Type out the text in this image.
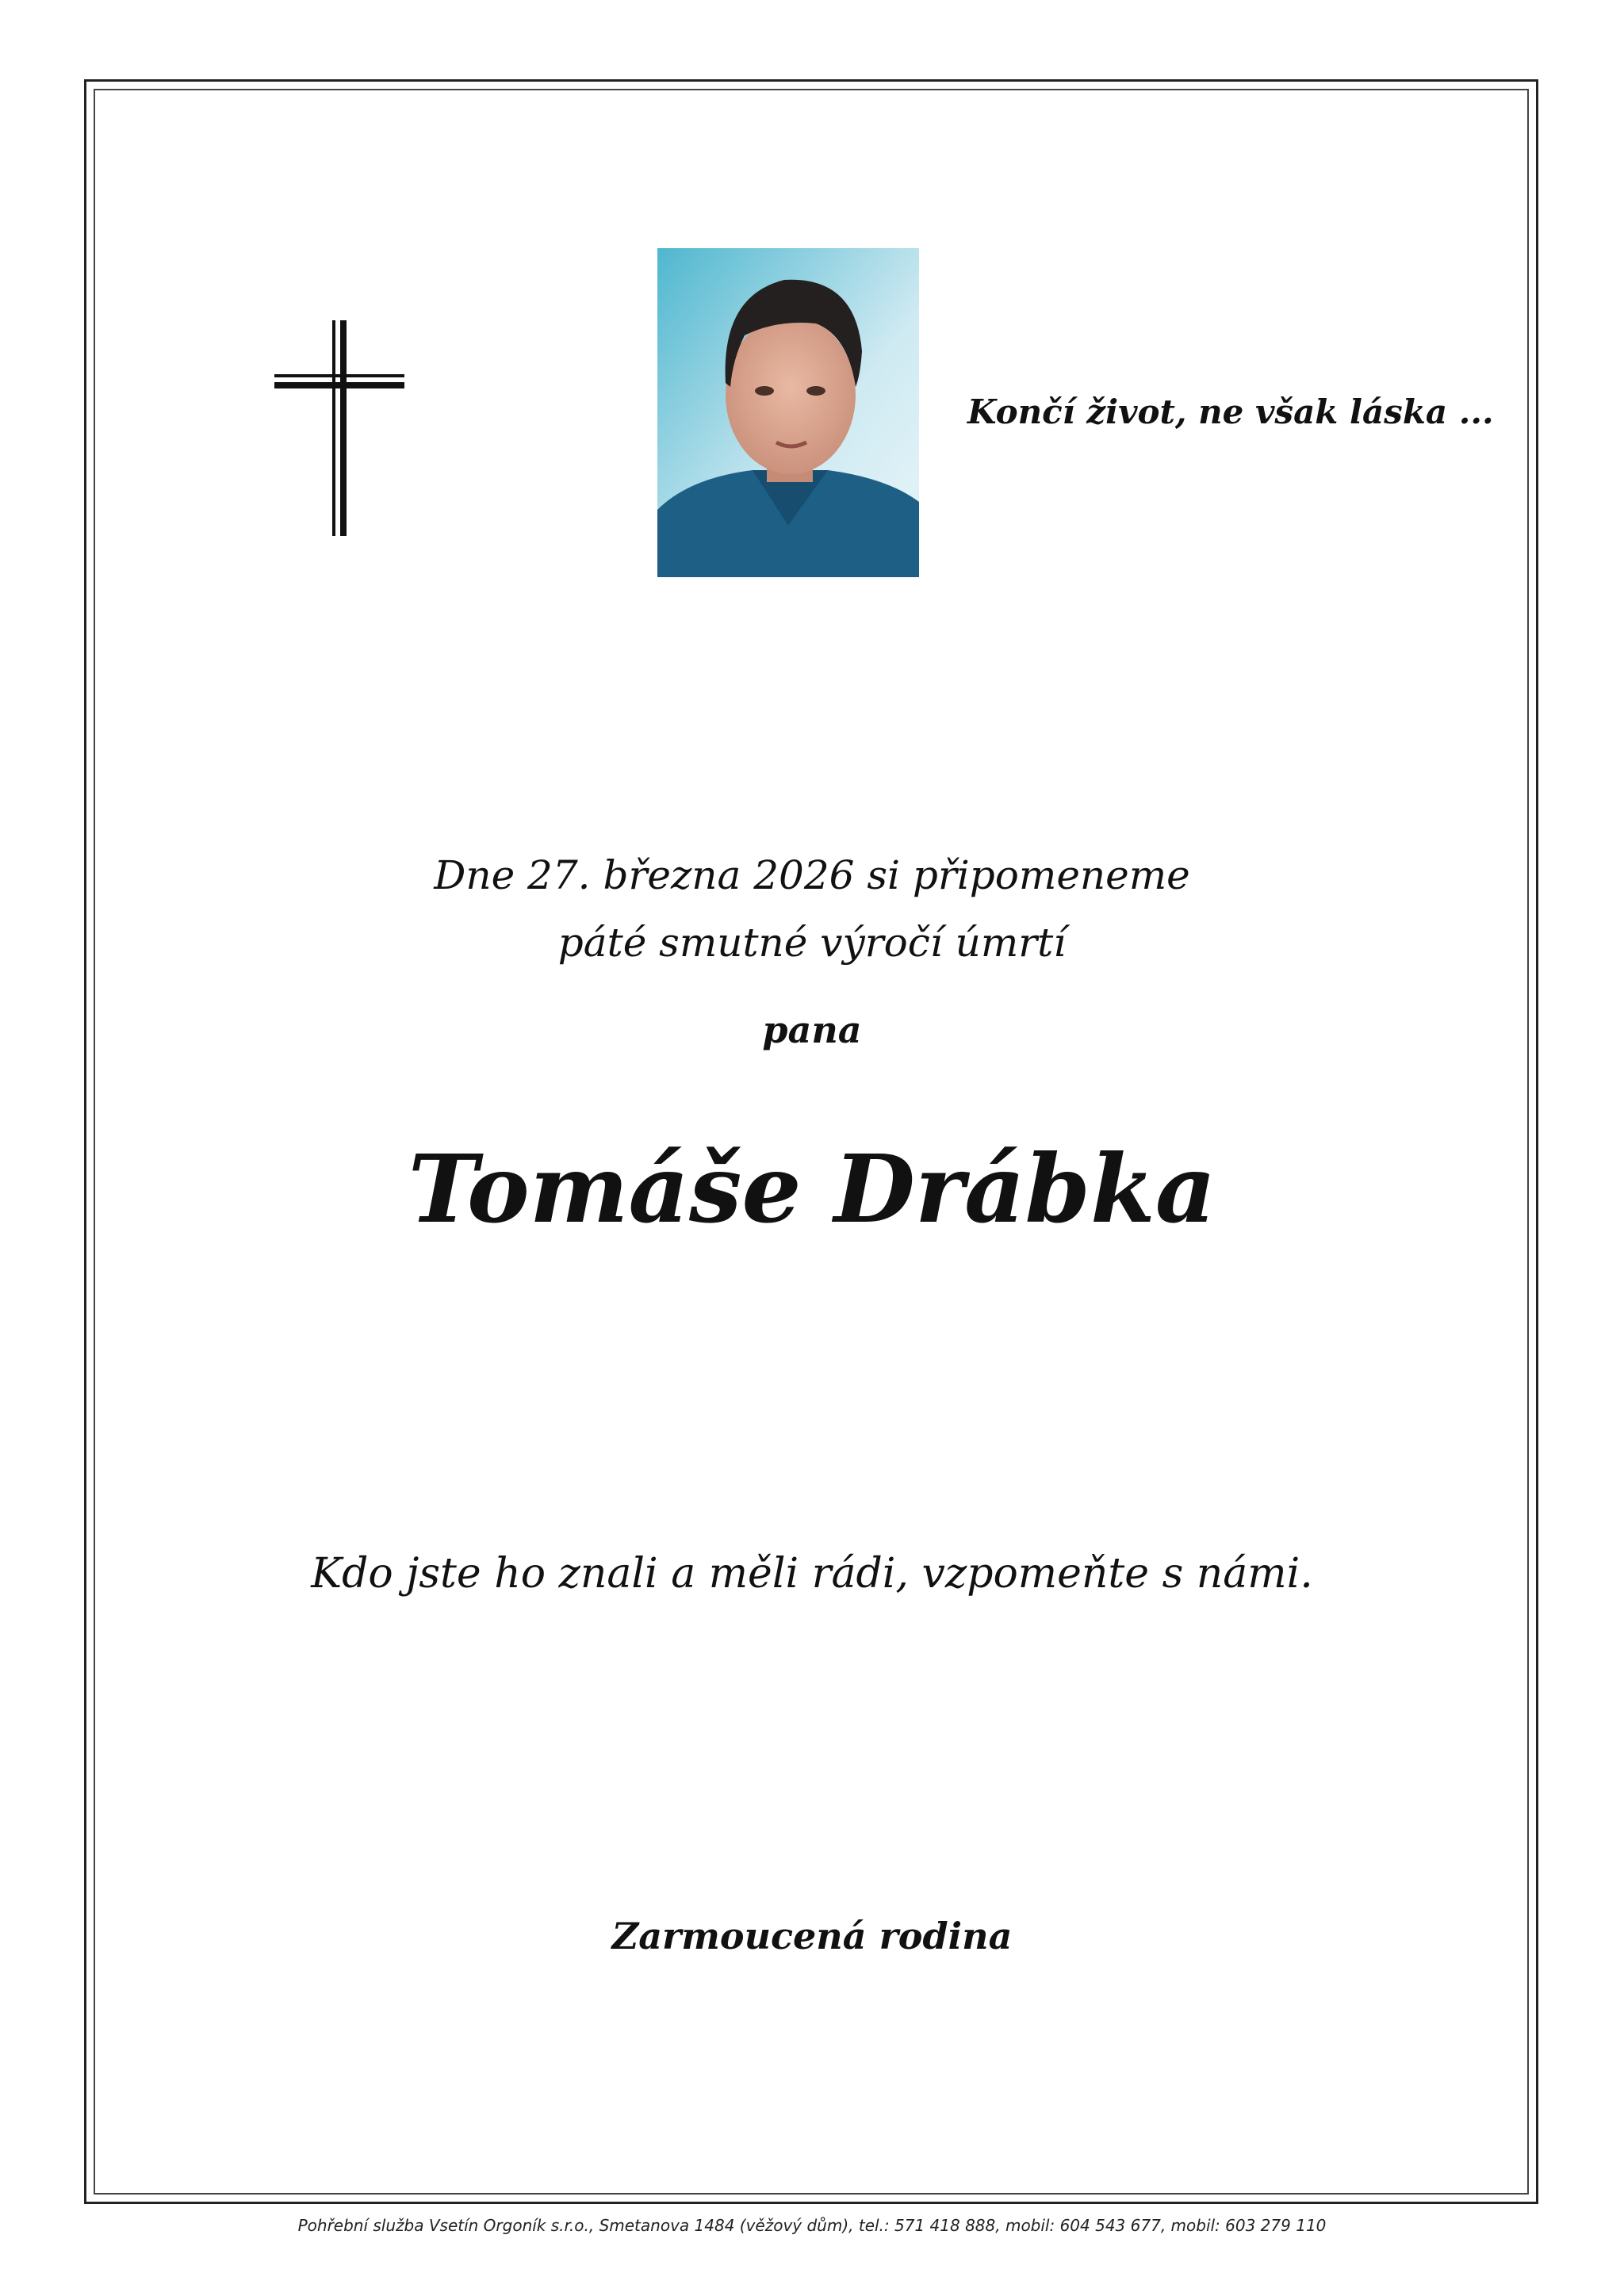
Končí život, ne však láska ...
Dne 27. března 2026 si připomeneme
páté smutné výročí úmrtí
pana
Tomáše Drábka
Kdo jste ho znali a měli rádi, vzpomeňte s námi.
Zarmoucená rodina
Pohřební služba Vsetín Orgoník s.r.o., Smetanova 1484 (věžový dům), tel.: 571 418 888, mobil: 604 543 677, mobil: 603 279 110
